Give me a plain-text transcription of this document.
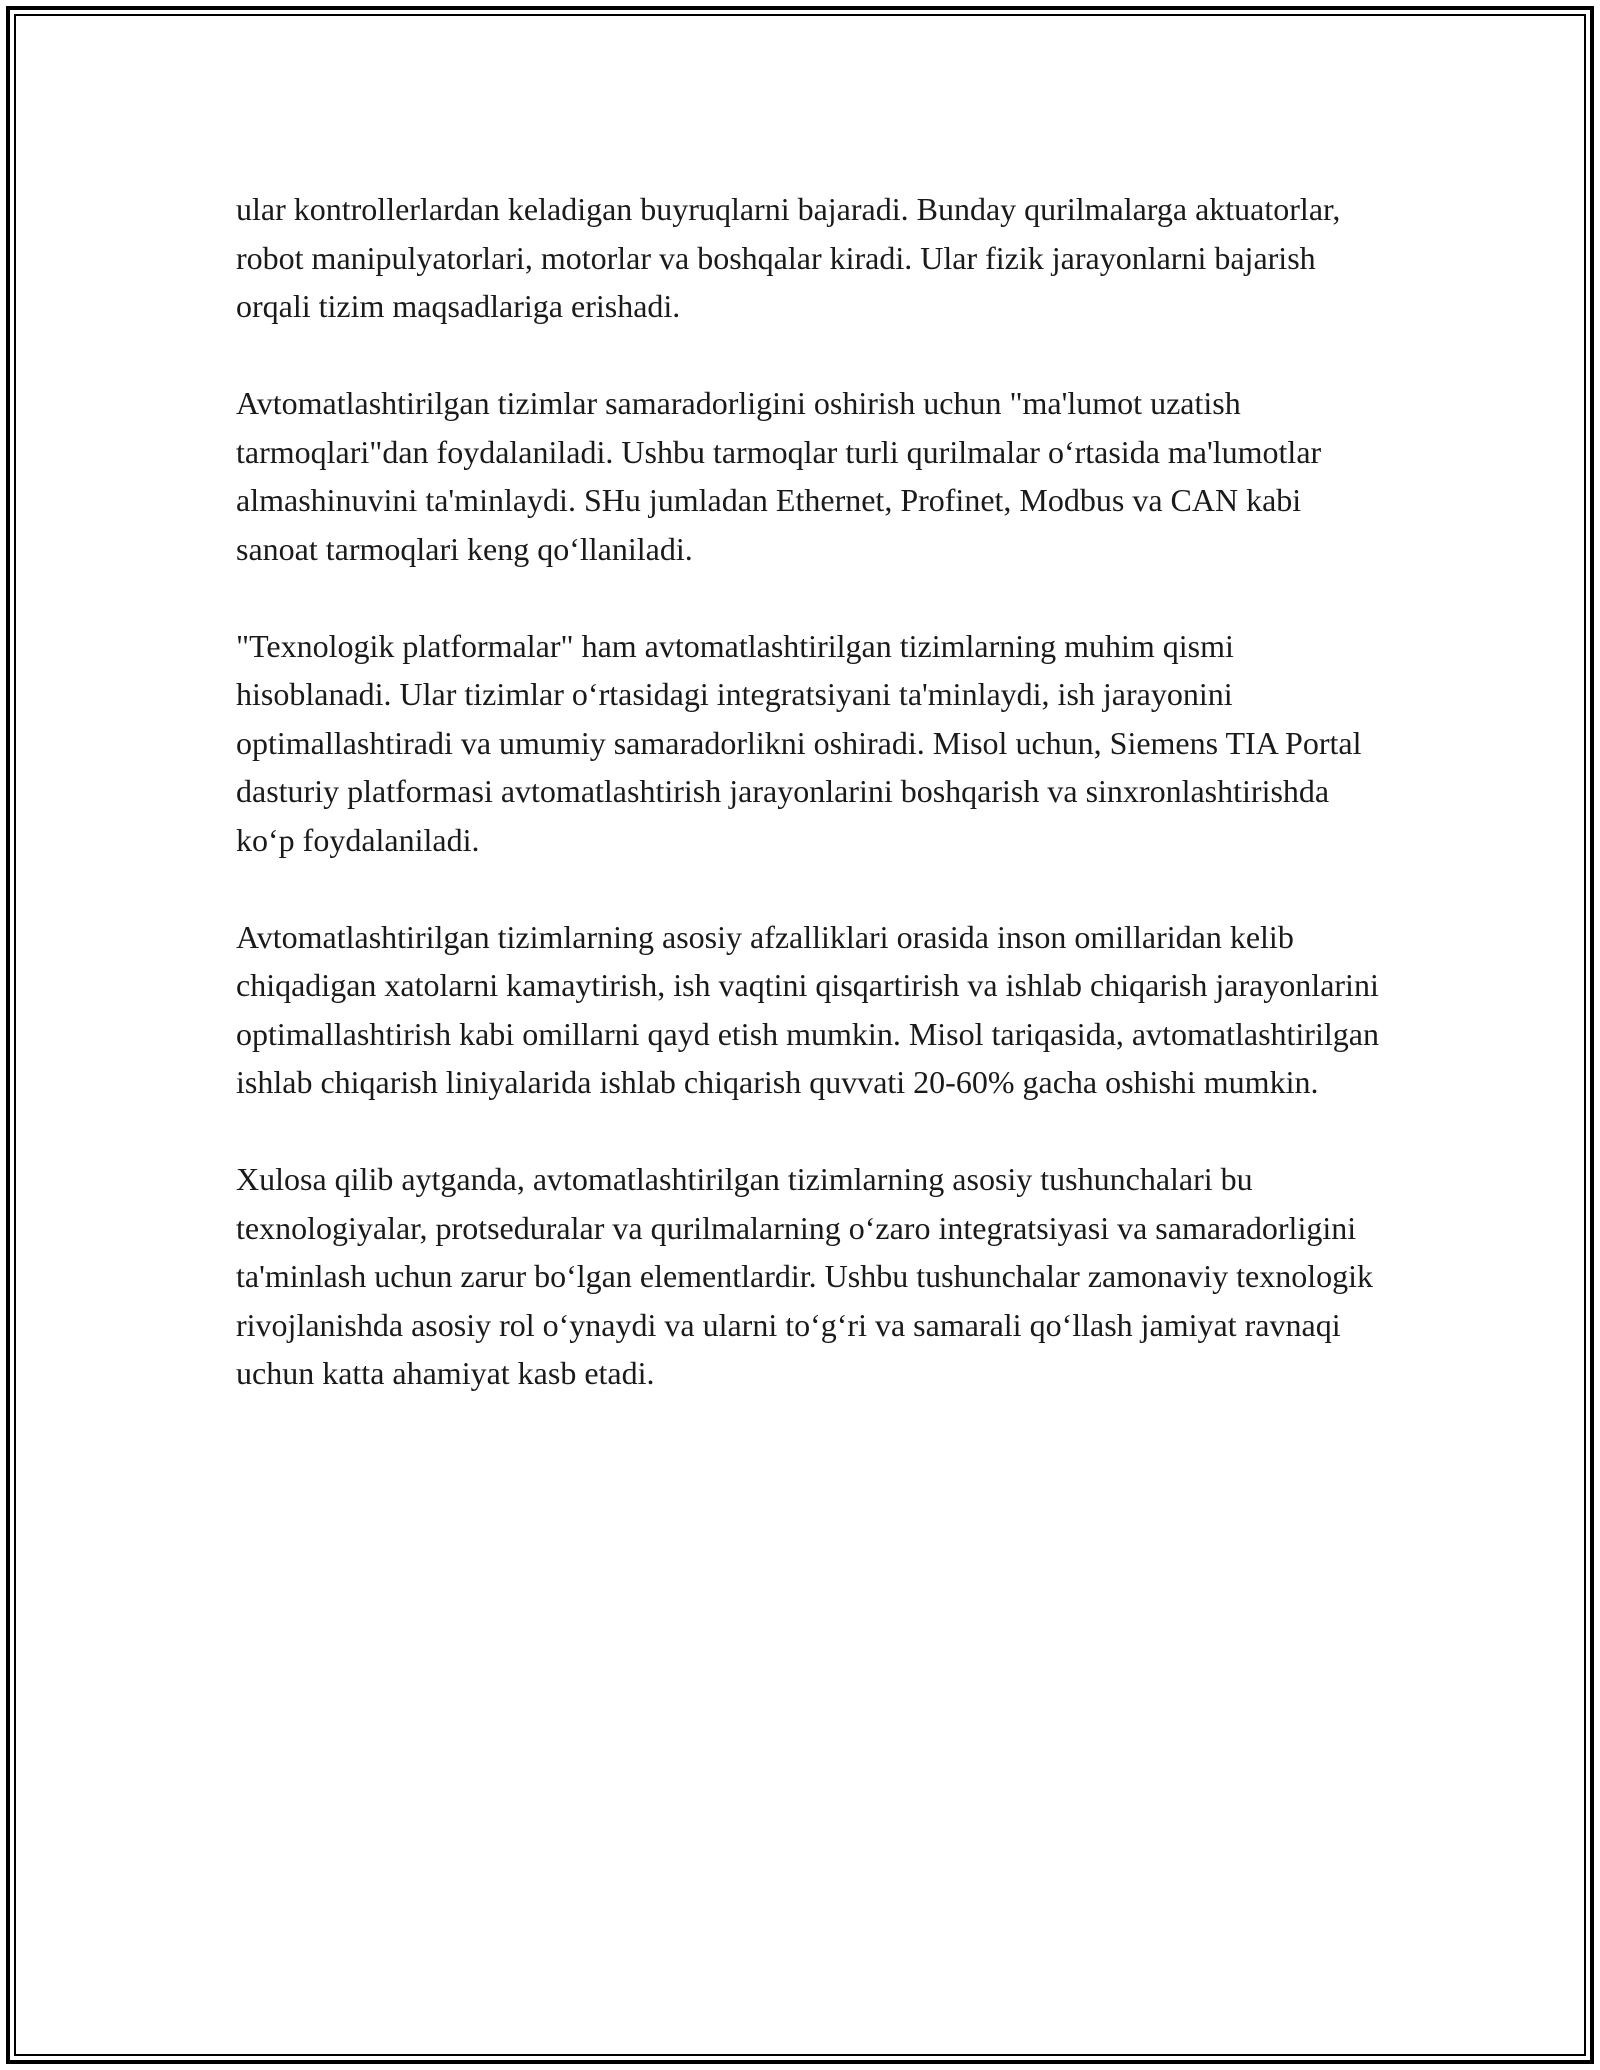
ular kontrollerlardan keladigan buyruqlarni bajaradi. Bunday qurilmalarga aktuatorlar, robot manipulyatorlari, motorlar va boshqalar kiradi. Ular fizik jarayonlarni bajarish orqali tizim maqsadlariga erishadi.

Avtomatlashtirilgan tizimlar samaradorligini oshirish uchun "ma'lumot uzatish tarmoqlari"dan foydalaniladi. Ushbu tarmoqlar turli qurilmalar o‘rtasida ma'lumotlar almashinuvini ta'minlaydi. SHu jumladan Ethernet, Profinet, Modbus va CAN kabi sanoat tarmoqlari keng qo‘llaniladi.

"Texnologik platformalar" ham avtomatlashtirilgan tizimlarning muhim qismi hisoblanadi. Ular tizimlar o‘rtasidagi integratsiyani ta'minlaydi, ish jarayonini optimallashtiradi va umumiy samaradorlikni oshiradi. Misol uchun, Siemens TIA Portal dasturiy platformasi avtomatlashtirish jarayonlarini boshqarish va sinxronlashtirishda ko‘p foydalaniladi.

Avtomatlashtirilgan tizimlarning asosiy afzalliklari orasida inson omillaridan kelib chiqadigan xatolarni kamaytirish, ish vaqtini qisqartirish va ishlab chiqarish jarayonlarini optimallashtirish kabi omillarni qayd etish mumkin. Misol tariqasida, avtomatlashtirilgan ishlab chiqarish liniyalarida ishlab chiqarish quvvati 20-60% gacha oshishi mumkin.

Xulosa qilib aytganda, avtomatlashtirilgan tizimlarning asosiy tushunchalari bu texnologiyalar, protseduralar va qurilmalarning o‘zaro integratsiyasi va samaradorligini ta'minlash uchun zarur bo‘lgan elementlardir. Ushbu tushunchalar zamonaviy texnologik rivojlanishda asosiy rol o‘ynaydi va ularni to‘g‘ri va samarali qo‘llash jamiyat ravnaqi uchun katta ahamiyat kasb etadi.
